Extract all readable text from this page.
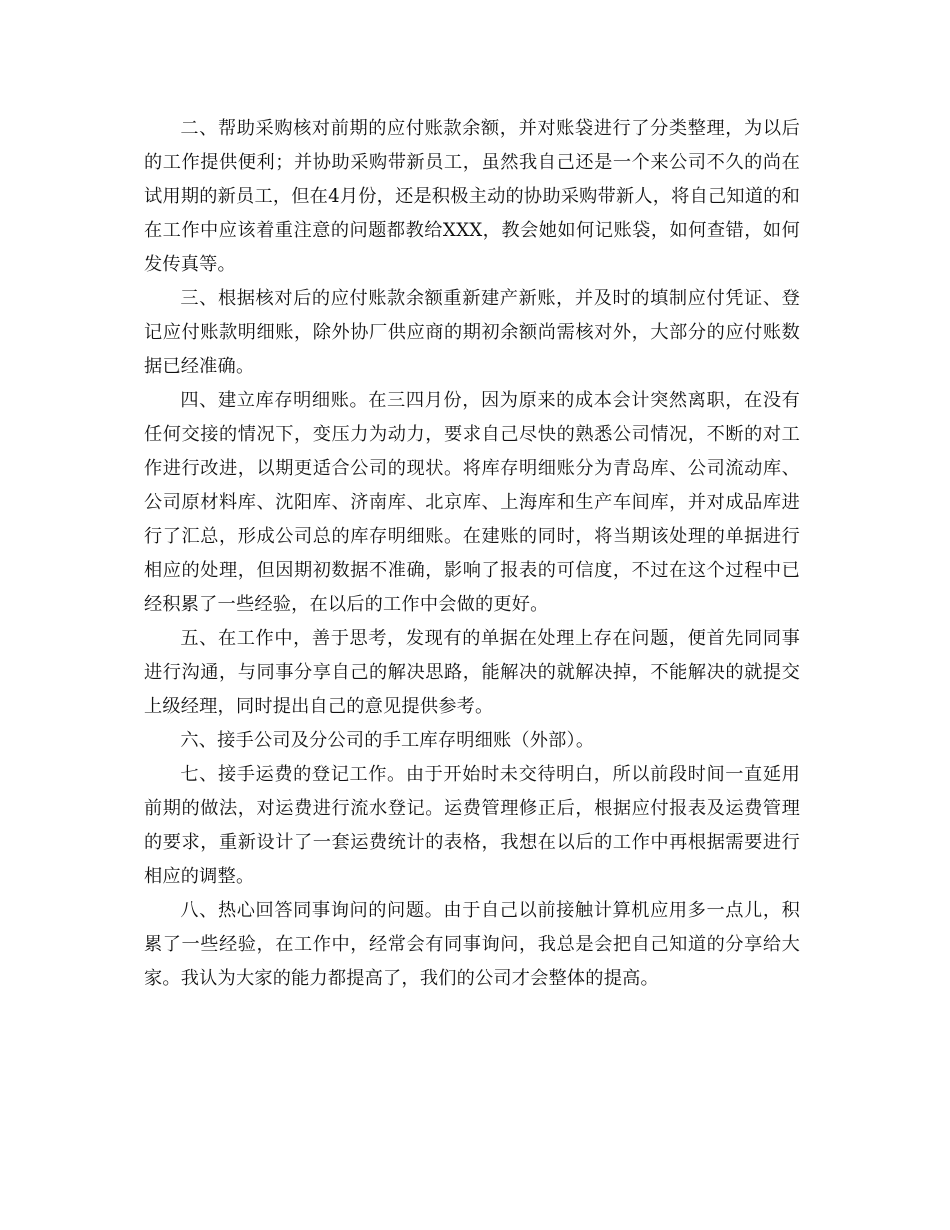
二、帮助采购核对前期的应付账款余额，并对账袋进行了分类整理，为以后的工作提供便利；并协助采购带新员工，虽然我自己还是一个来公司不久的尚在试用期的新员工，但在4月份，还是积极主动的协助采购带新人，将自己知道的和在工作中应该着重注意的问题都教给XXX，教会她如何记账袋，如何查错，如何发传真等。

三、根据核对后的应付账款余额重新建产新账，并及时的填制应付凭证、登记应付账款明细账，除外协厂供应商的期初余额尚需核对外，大部分的应付账数据已经准确。

四、建立库存明细账。在三四月份，因为原来的成本会计突然离职，在没有任何交接的情况下，变压力为动力，要求自己尽快的熟悉公司情况，不断的对工作进行改进，以期更适合公司的现状。将库存明细账分为青岛库、公司流动库、公司原材料库、沈阳库、济南库、北京库、上海库和生产车间库，并对成品库进行了汇总，形成公司总的库存明细账。在建账的同时，将当期该处理的单据进行相应的处理，但因期初数据不准确，影响了报表的可信度，不过在这个过程中已经积累了一些经验，在以后的工作中会做的更好。

五、在工作中，善于思考，发现有的单据在处理上存在问题，便首先同同事进行沟通，与同事分享自己的解决思路，能解决的就解决掉，不能解决的就提交上级经理，同时提出自己的意见提供参考。

六、接手公司及分公司的手工库存明细账（外部）。

七、接手运费的登记工作。由于开始时未交待明白，所以前段时间一直延用前期的做法，对运费进行流水登记。运费管理修正后，根据应付报表及运费管理的要求，重新设计了一套运费统计的表格，我想在以后的工作中再根据需要进行相应的调整。

八、热心回答同事询问的问题。由于自己以前接触计算机应用多一点儿，积累了一些经验，在工作中，经常会有同事询问，我总是会把自己知道的分享给大家。我认为大家的能力都提高了，我们的公司才会整体的提高。
